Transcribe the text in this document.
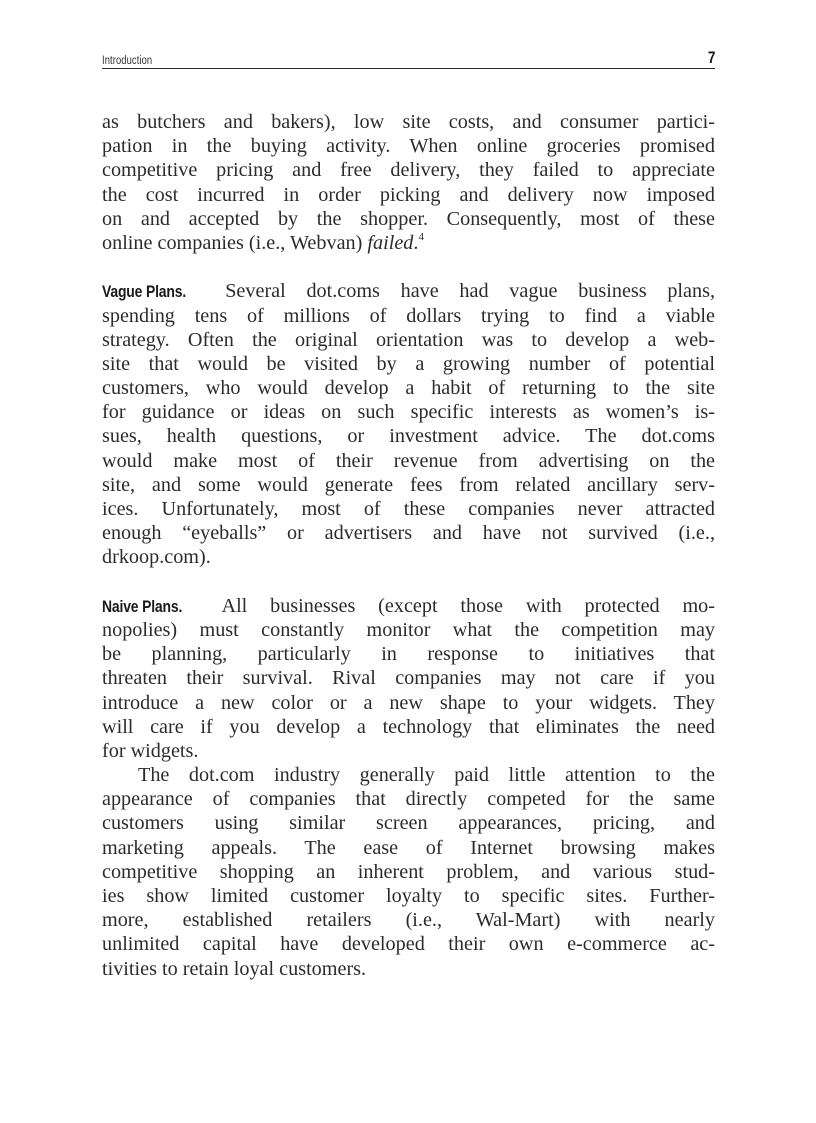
Introduction	7
as butchers and bakers), low site costs, and consumer partici-
pation in the buying activity. When online groceries promised
competitive pricing and free delivery, they failed to appreciate
the cost incurred in order picking and delivery now imposed
on and accepted by the shopper. Consequently, most of these
online companies (i.e., Webvan) failed.$^4$
Vague Plans. Several dot.coms have had vague business plans,
spending tens of millions of dollars trying to find a viable
strategy. Often the original orientation was to develop a web-
site that would be visited by a growing number of potential
customers, who would develop a habit of returning to the site
for guidance or ideas on such specific interests as women’s is-
sues, health questions, or investment advice. The dot.coms
would make most of their revenue from advertising on the
site, and some would generate fees from related ancillary serv-
ices. Unfortunately, most of these companies never attracted
enough “eyeballs” or advertisers and have not survived (i.e.,
drkoop.com).
Naive Plans. All businesses (except those with protected mo-
nopolies) must constantly monitor what the competition may
be planning, particularly in response to initiatives that
threaten their survival. Rival companies may not care if you
introduce a new color or a new shape to your widgets. They
will care if you develop a technology that eliminates the need
for widgets.
The dot.com industry generally paid little attention to the
appearance of companies that directly competed for the same
customers using similar screen appearances, pricing, and
marketing appeals. The ease of Internet browsing makes
competitive shopping an inherent problem, and various stud-
ies show limited customer loyalty to specific sites. Further-
more, established retailers (i.e., Wal-Mart) with nearly
unlimited capital have developed their own e-commerce ac-
tivities to retain loyal customers.
